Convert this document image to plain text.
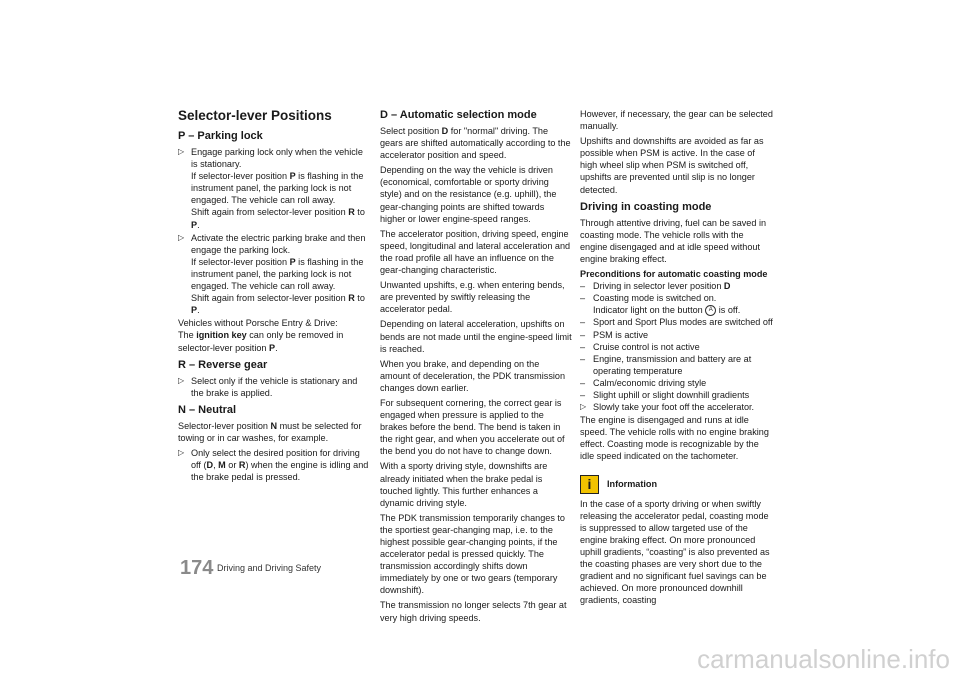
Selector-lever Positions
P – Parking lock
▷ Engage parking lock only when the vehicle is stationary.
If selector-lever position P is flashing in the instrument panel, the parking lock is not engaged. The vehicle can roll away.
Shift again from selector-lever position R to P.
▷ Activate the electric parking brake and then engage the parking lock.
If selector-lever position P is flashing in the instrument panel, the parking lock is not engaged. The vehicle can roll away.
Shift again from selector-lever position R to P.

Vehicles without Porsche Entry & Drive:
The ignition key can only be removed in selector-lever position P.

R – Reverse gear
▷ Select only if the vehicle is stationary and the brake is applied.
N – Neutral

Selector-lever position N must be selected for towing or in car washes, for example.

▷ Only select the desired position for driving off (D, M or R) when the engine is idling and the brake pedal is pressed.
D – Automatic selection mode

Select position D for "normal" driving. The gears are shifted automatically according to the accelerator position and speed.

Depending on the way the vehicle is driven (economical, comfortable or sporty driving style) and on the resistance (e.g. uphill), the gear-changing points are shifted towards higher or lower engine-speed ranges.

The accelerator position, driving speed, engine speed, longitudinal and lateral acceleration and the road profile all have an influence on the gear-changing characteristic.

Unwanted upshifts, e.g. when entering bends, are prevented by swiftly releasing the accelerator pedal.

Depending on lateral acceleration, upshifts on bends are not made until the engine-speed limit is reached.

When you brake, and depending on the amount of deceleration, the PDK transmission changes down earlier.

For subsequent cornering, the correct gear is engaged when pressure is applied to the brakes before the bend. The bend is taken in the right gear, and when you accelerate out of the bend you do not have to change down.

With a sporty driving style, downshifts are already initiated when the brake pedal is touched lightly. This further enhances a dynamic driving style.

The PDK transmission temporarily changes to the sportiest gear-changing map, i.e. to the highest possible gear-changing points, if the accelerator pedal is pressed quickly. The transmission accordingly shifts down immediately by one or two gears (temporary downshift).

The transmission no longer selects 7th gear at very high driving speeds.

However, if necessary, the gear can be selected manually.

Upshifts and downshifts are avoided as far as possible when PSM is active. In the case of high wheel slip when PSM is switched off, upshifts are prevented until slip is no longer detected.

Driving in coasting mode

Through attentive driving, fuel can be saved in coasting mode. The vehicle rolls with the engine disengaged and at idle speed without engine braking effect.

Preconditions for automatic coasting mode
– Driving in selector lever position D
– Coasting mode is switched on.
Indicator light on the button A is off.
– Sport and Sport Plus modes are switched off
– PSM is active
– Cruise control is not active
– Engine, transmission and battery are at operating temperature
– Calm/economic driving style
– Slight uphill or slight downhill gradients
▷ Slowly take your foot off the accelerator.

The engine is disengaged and runs at idle speed. The vehicle rolls with no engine braking effect. Coasting mode is recognizable by the idle speed indicated on the tachometer.

i	Information

In the case of a sporty driving or when swiftly releasing the accelerator pedal, coasting mode is suppressed to allow targeted use of the engine braking effect. On more pronounced uphill gradients, “coasting” is also prevented as the coasting phases are very short due to the gradient and no significant fuel savings can be achieved. On more pronounced downhill gradients, coasting

174 Driving and Driving Safety
carmanualsonline.info
